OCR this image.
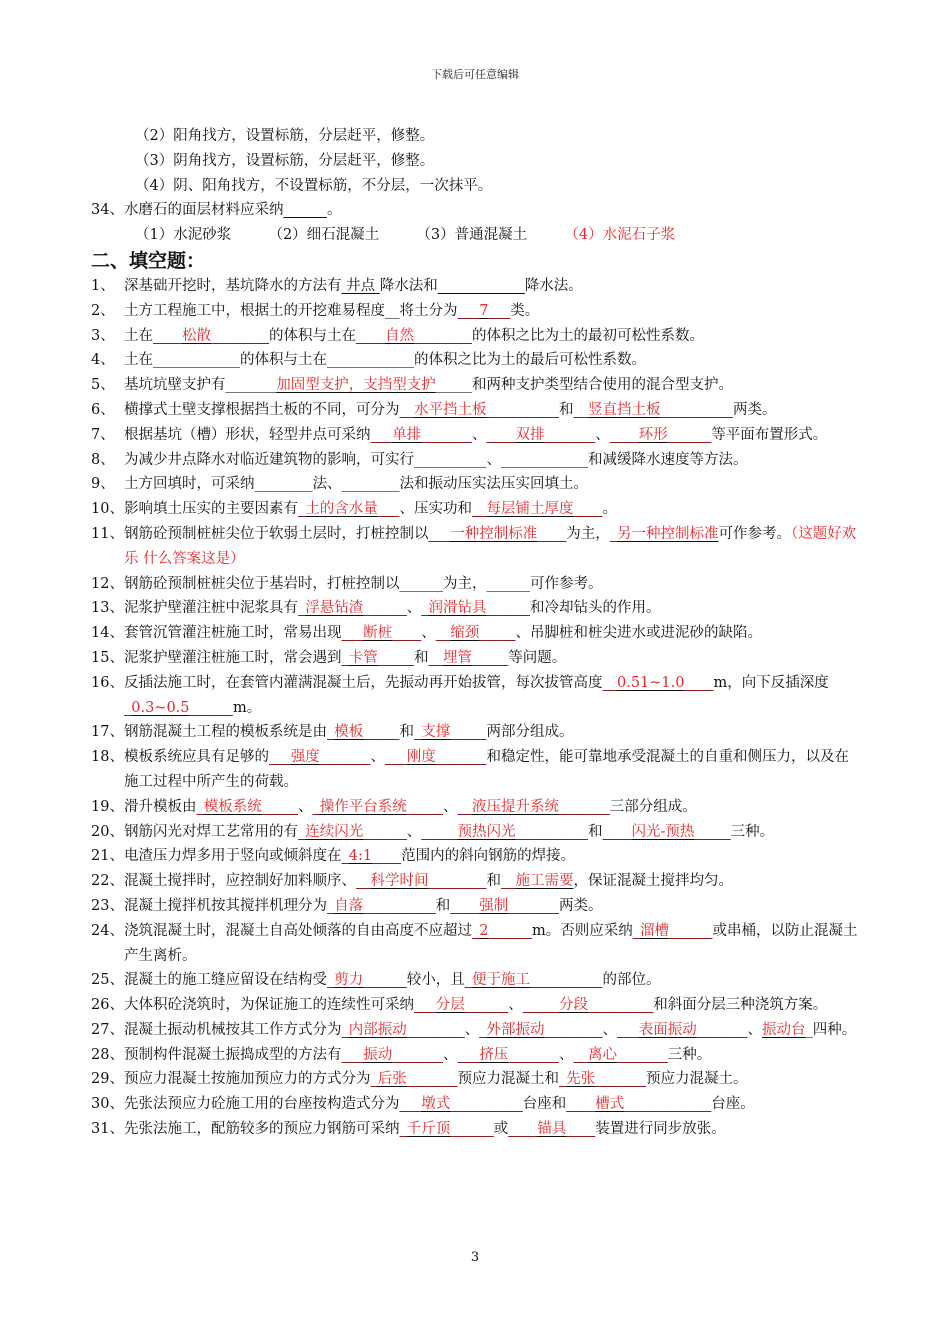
下载后可任意编辑
（2）阳角找方，设置标筋，分层赶平，修整。
（3）阴角找方，设置标筋，分层赶平，修整。
（4）阴、阳角找方，不设置标筋，不分层，一次抹平。
34、水磨石的面层材料应采纳______。
（1）水泥砂浆	（2）细石混凝土	（3）普通混凝土	（4）水泥石子浆
二、填空题：
1、 深基础开挖时，基坑降水的方法有 井点 降水法和____________降水法。
2、 土方工程施工中，根据土的开挖难易程度__将土分为___7___类。
3、 土在____松散________的体积与土在____自然________的体积之比为土的最初可松性系数。
4、 土在____________的体积与土在____________的体积之比为土的最后可松性系数。
5、 基坑坑壁支护有_______加固型支护，支挡型支护_____和两种支护类型结合使用的混合型支护。
6、 横撑式土壁支撑根据挡土板的不同，可分为__水平挡土板__________和__竖直挡土板__________两类。
7、 根据基坑（槽）形状，轻型井点可采纳___单排_______、____双排_______、____环形______等平面布置形式。
8、 为减少井点降水对临近建筑物的影响，可实行__________、____________和减缓降水速度等方法。
9、 土方回填时，可采纳________法、________法和振动压实法压实回填土。
10、影响填土压实的主要因素有_土的含水量___、压实功和__每层铺土厚度____。
11、钢筋砼预制桩桩尖位于软弱土层时，打桩控制以___一种控制标准____为主，_另一种控制标准可作参考。（这题好欢乐 什么答案这是）
12、钢筋砼预制桩桩尖位于基岩时，打桩控制以______为主，______可作参考。
13、泥浆护壁灌注桩中泥浆具有_浮悬钻渣______、_润滑钻具______和冷却钻头的作用。
14、套管沉管灌注桩施工时，常易出现___断桩____、__缩颈_____、吊脚桩和桩尖进水或进泥砂的缺陷。
15、泥浆护壁灌注桩施工时，常会遇到_卡管_____和__埋管_____等问题。
16、反插法施工时，在套管内灌满混凝土后，先振动再开始拔管，每次拔管高度__0.51~1.0____m，向下反插深度_0.3~0.5______m。
17、钢筋混凝土工程的模板系统是由_模板_____和_支撑_____两部分组成。
18、模板系统应具有足够的___强度_______、___刚度_______和稳定性，能可靠地承受混凝土的自重和侧压力，以及在施工过程中所产生的荷载。
19、滑升模板由_模板系统_____、_操作平台系统_____、__液压提升系统_______三部分组成。
20、钢筋闪光对焊工艺常用的有_连续闪光______、_____预热闪光__________和____闪光-预热_____三种。
21、电渣压力焊多用于竖向或倾斜度在_4:1____范围内的斜向钢筋的焊接。
22、混凝土搅拌时，应控制好加料顺序、__科学时间________和__施工需要，保证混凝土搅拌均匀。
23、混凝土搅拌机按其搅拌机理分为_自落__________和____强制_______两类。
24、浇筑混凝土时，混凝土自高处倾落的自由高度不应超过_2______m。否则应采纳_溜槽______或串桶，以防止混凝土产生离析。
25、混凝土的施工缝应留设在结构受_剪力______较小，且_便于施工__________的部位。
26、大体积砼浇筑时，为保证施工的连续性可采纳___分层______、_____分段_________和斜面分层三种浇筑方案。
27、混凝土振动机械按其工作方式分为_内部振动________、_外部振动________、___表面振动_______、振动台_四种。
28、预制构件混凝土振捣成型的方法有___振动_______、___挤压_______、__离心_______三种。
29、预应力混凝土按施加预应力的方式分为_后张_______预应力混凝土和_先张_______预应力混凝土。
30、先张法预应力砼施工用的台座按构造式分为___墩式__________台座和____槽式____________台座。
31、先张法施工，配筋较多的预应力钢筋可采纳_千斤顶______或____锚具____装置进行同步放张。
3
